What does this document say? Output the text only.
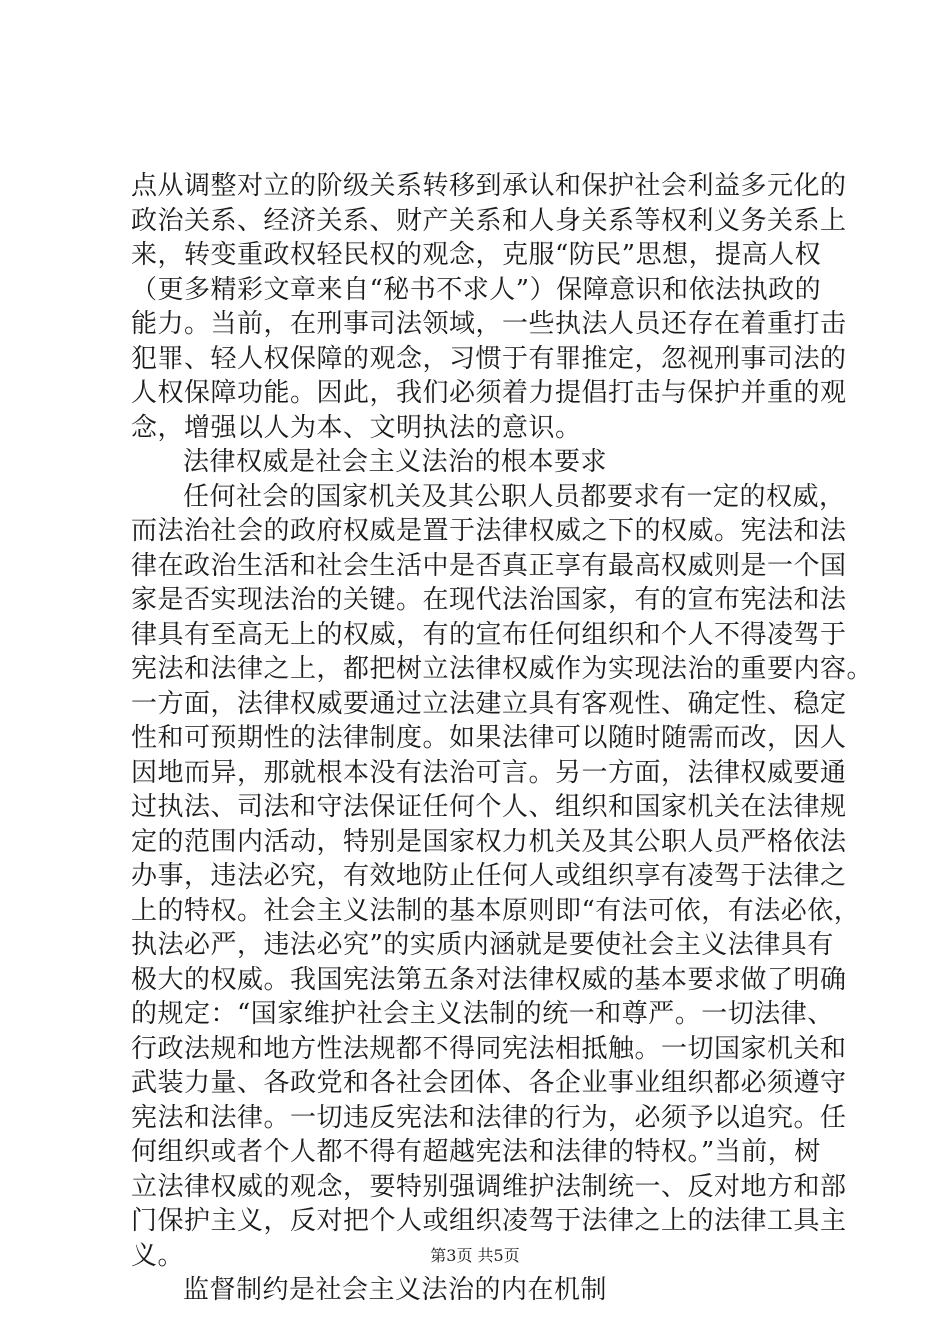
点从调整对立的阶级关系转移到承认和保护社会利益多元化的
政治关系、经济关系、财产关系和人身关系等权利义务关系上
来，转变重政权轻民权的观念，克服“防民”思想，提高人权
（更多精彩文章来自“秘书不求人”）保障意识和依法执政的
能力。当前，在刑事司法领域，一些执法人员还存在着重打击
犯罪、轻人权保障的观念，习惯于有罪推定，忽视刑事司法的
人权保障功能。因此，我们必须着力提倡打击与保护并重的观
念，增强以人为本、文明执法的意识。
法律权威是社会主义法治的根本要求
任何社会的国家机关及其公职人员都要求有一定的权威，
而法治社会的政府权威是置于法律权威之下的权威。宪法和法
律在政治生活和社会生活中是否真正享有最高权威则是一个国
家是否实现法治的关键。在现代法治国家，有的宣布宪法和法
律具有至高无上的权威，有的宣布任何组织和个人不得凌驾于
宪法和法律之上，都把树立法律权威作为实现法治的重要内容。
一方面，法律权威要通过立法建立具有客观性、确定性、稳定
性和可预期性的法律制度。如果法律可以随时随需而改，因人
因地而异，那就根本没有法治可言。另一方面，法律权威要通
过执法、司法和守法保证任何个人、组织和国家机关在法律规
定的范围内活动，特别是国家权力机关及其公职人员严格依法
办事，违法必究，有效地防止任何人或组织享有凌驾于法律之
上的特权。社会主义法制的基本原则即“有法可依，有法必依，
执法必严，违法必究”的实质内涵就是要使社会主义法律具有
极大的权威。我国宪法第五条对法律权威的基本要求做了明确
的规定：“国家维护社会主义法制的统一和尊严。一切法律、
行政法规和地方性法规都不得同宪法相抵触。一切国家机关和
武装力量、各政党和各社会团体、各企业事业组织都必须遵守
宪法和法律。一切违反宪法和法律的行为，必须予以追究。任
何组织或者个人都不得有超越宪法和法律的特权。”当前，树
立法律权威的观念，要特别强调维护法制统一、反对地方和部
门保护主义，反对把个人或组织凌驾于法律之上的法律工具主
义。
监督制约是社会主义法治的内在机制
第3页 共5页
